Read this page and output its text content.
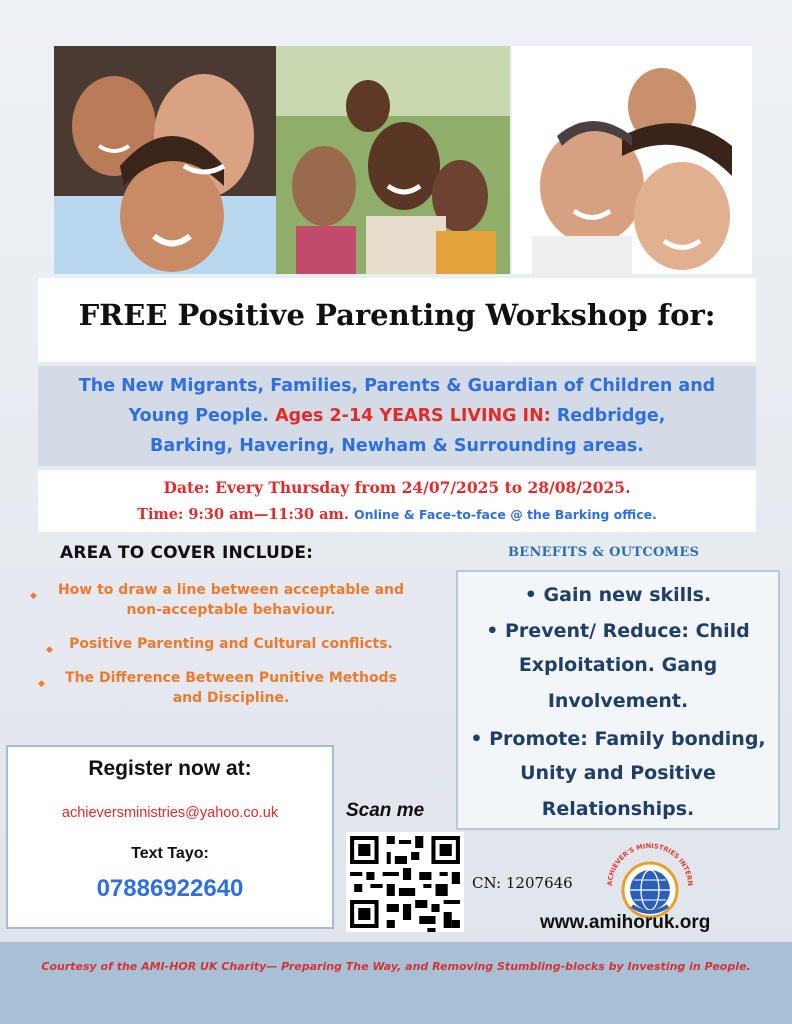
FREE Positive Parenting Workshop for:
The New Migrants, Families, Parents & Guardian of Children and
Young People. Ages 2-14 YEARS LIVING IN: Redbridge,
Barking, Havering, Newham & Surrounding areas.
Date: Every Thursday from 24/07/2025 to 28/08/2025.
Time: 9:30 am—11:30 am. Online & Face-to-face @ the Barking office.
AREA TO COVER INCLUDE:
◆	How to draw a line between acceptable and
non-acceptable behaviour.
◆	Positive Parenting and Cultural conflicts.
◆	The Difference Between Punitive Methods
and Discipline.
BENEFITS & OUTCOMES
• Gain new skills.
• Prevent/ Reduce: Child
Exploitation. Gang
Involvement.
• Promote: Family bonding,
Unity and Positive
Relationships.
Register now at:
achieversministries@yahoo.co.uk
Text Tayo:
07886922640
Scan me
CN: 1207646	ACHIEVER'S MINISTRIES INTERN
www.amihoruk.org
Courtesy of the AMI-HOR UK Charity— Preparing The Way, and Removing Stumbling-blocks by Investing in People.
